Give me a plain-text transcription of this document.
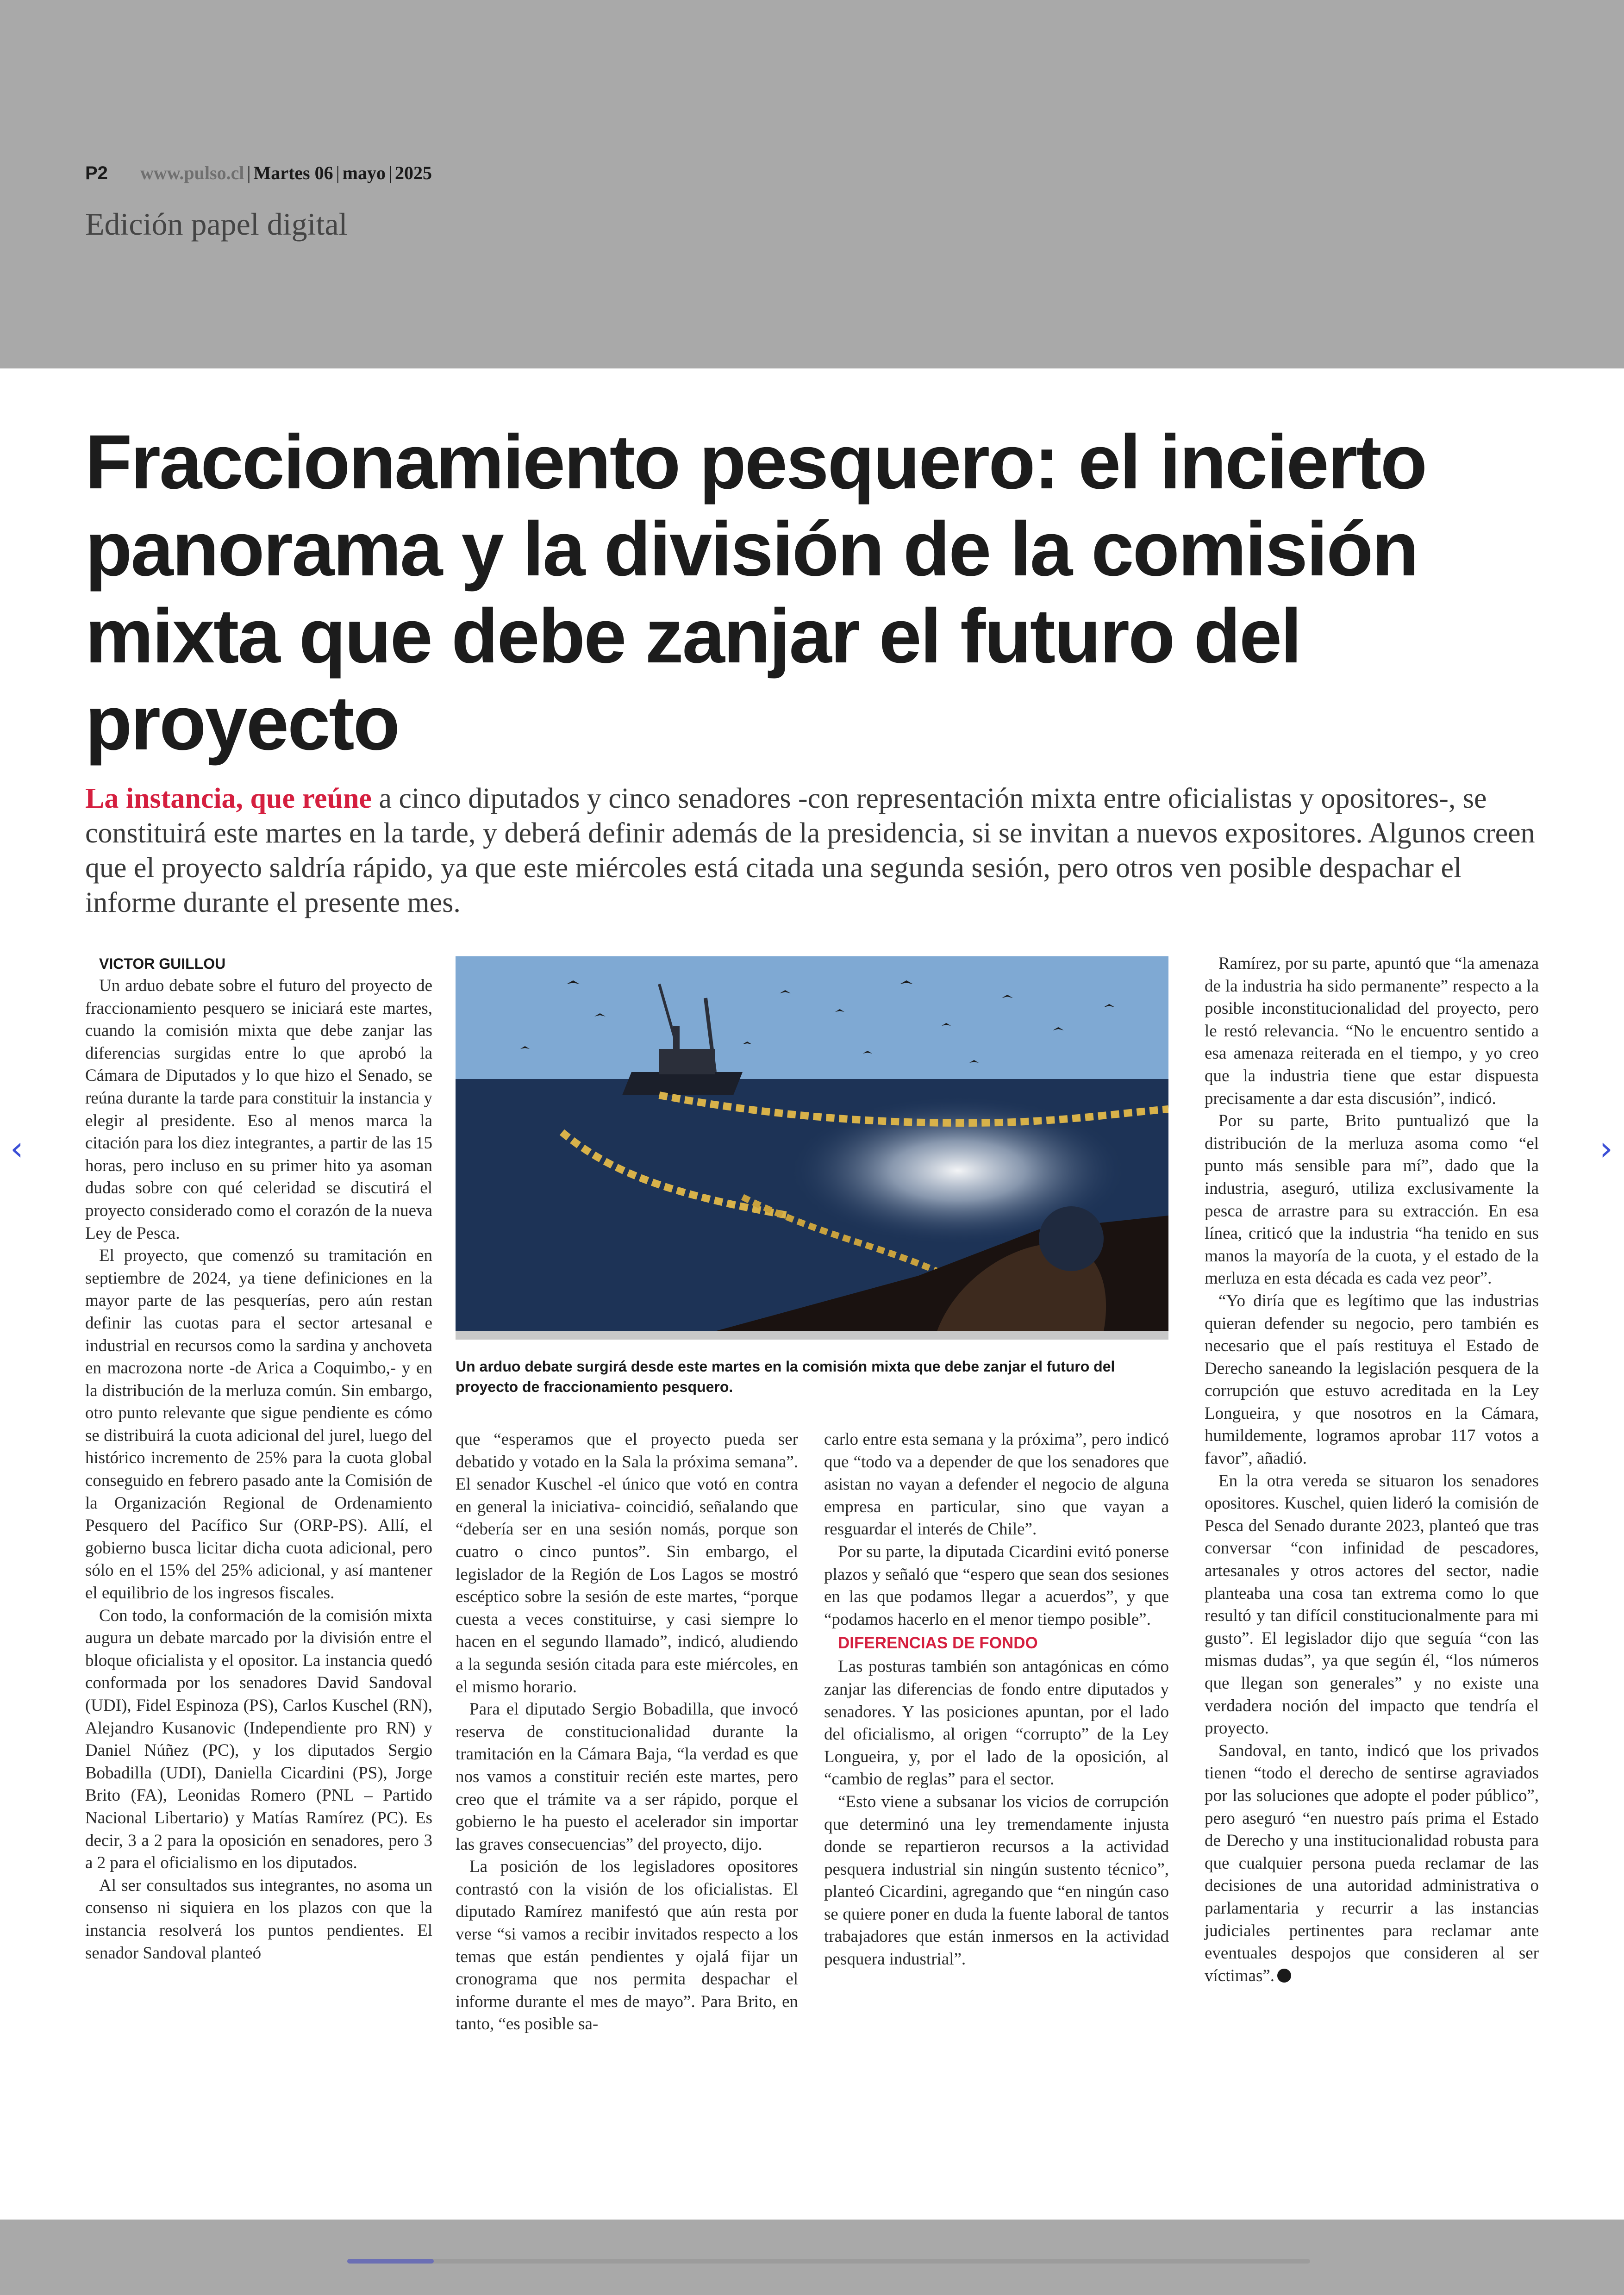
P2 www.pulso.cl | Martes 06 | mayo | 2025
Edición papel digital
Fraccionamiento pesquero: el incierto panorama y la división de la comisión mixta que debe zanjar el futuro del proyecto
La instancia, que reúne a cinco diputados y cinco senadores -con representación mixta entre oficialistas y opositores-, se constituirá este martes en la tarde, y deberá definir además de la presidencia, si se invitan a nuevos expositores. Algunos creen que el proyecto saldría rápido, ya que este miércoles está citada una segunda sesión, pero otros ven posible despachar el informe durante el presente mes.
‹	›

VICTOR GUILLOU

Un arduo debate sobre el futuro del proyecto de fraccionamiento pesquero se iniciará este martes, cuando la comisión mixta que debe zanjar las diferencias surgidas entre lo que aprobó la Cámara de Diputados y lo que hizo el Senado, se reúna durante la tarde para constituir la instancia y elegir al presidente. Eso al menos marca la citación para los diez integrantes, a partir de las 15 horas, pero incluso en su primer hito ya asoman dudas sobre con qué celeridad se discutirá el proyecto considerado como el corazón de la nueva Ley de Pesca.

El proyecto, que comenzó su tramitación en septiembre de 2024, ya tiene definiciones en la mayor parte de las pesquerías, pero aún restan definir las cuotas para el sector artesanal e industrial en recursos como la sardina y anchoveta en macrozona norte -de Arica a Coquimbo,- y en la distribución de la merluza común. Sin embargo, otro punto relevante que sigue pendiente es cómo se distribuirá la cuota adicional del jurel, luego del histórico incremento de 25% para la cuota global conseguido en febrero pasado ante la Comisión de la Organización Regional de Ordenamiento Pesquero del Pacífico Sur (ORP-PS). Allí, el gobierno busca licitar dicha cuota adicional, pero sólo en el 15% del 25% adicional, y así mantener el equilibrio de los ingresos fiscales.

Con todo, la conformación de la comisión mixta augura un debate marcado por la división entre el bloque oficialista y el opositor. La instancia quedó conformada por los senadores David Sandoval (UDI), Fidel Espinoza (PS), Carlos Kuschel (RN), Alejandro Kusanovic (Independiente pro RN) y Daniel Núñez (PC), y los diputados Sergio Bobadilla (UDI), Daniella Cicardini (PS), Jorge Brito (FA), Leonidas Romero (PNL – Partido Nacional Libertario) y Matías Ramírez (PC). Es decir, 3 a 2 para la oposición en senadores, pero 3 a 2 para el oficialismo en los diputados.

Al ser consultados sus integrantes, no asoma un consenso ni siquiera en los plazos con que la instancia resolverá los puntos pendientes. El senador Sandoval planteó

Un arduo debate surgirá desde este martes en la comisión mixta que debe zanjar el futuro del proyecto de fraccionamiento pesquero.

que “esperamos que el proyecto pueda ser debatido y votado en la Sala la próxima semana”. El senador Kuschel -el único que votó en contra en general la iniciativa- coincidió, señalando que “debería ser en una sesión nomás, porque son cuatro o cinco puntos”. Sin embargo, el legislador de la Región de Los Lagos se mostró escéptico sobre la sesión de este martes, “porque cuesta a veces constituirse, y casi siempre lo hacen en el segundo llamado”, indicó, aludiendo a la segunda sesión citada para este miércoles, en el mismo horario.

Para el diputado Sergio Bobadilla, que invocó reserva de constitucionalidad durante la tramitación en la Cámara Baja, “la verdad es que nos vamos a constituir recién este martes, pero creo que el trámite va a ser rápido, porque el gobierno le ha puesto el acelerador sin importar las graves consecuencias” del proyecto, dijo.

La posición de los legisladores opositores contrastó con la visión de los oficialistas. El diputado Ramírez manifestó que aún resta por verse “si vamos a recibir invitados respecto a los temas que están pendientes y ojalá fijar un cronograma que nos permita despachar el informe durante el mes de mayo”. Para Brito, en tanto, “es posible sa-

carlo entre esta semana y la próxima”, pero indicó que “todo va a depender de que los senadores que asistan no vayan a defender el negocio de alguna empresa en particular, sino que vayan a resguardar el interés de Chile”.

Por su parte, la diputada Cicardini evitó ponerse plazos y señaló que “espero que sean dos sesiones en las que podamos llegar a acuerdos”, y que “podamos hacerlo en el menor tiempo posible”.

DIFERENCIAS DE FONDO

Las posturas también son antagónicas en cómo zanjar las diferencias de fondo entre diputados y senadores. Y las posiciones apuntan, por el lado del oficialismo, al origen “corrupto” de la Ley Longueira, y, por el lado de la oposición, al “cambio de reglas” para el sector.

“Esto viene a subsanar los vicios de corrupción que determinó una ley tremendamente injusta donde se repartieron recursos a la actividad pesquera industrial sin ningún sustento técnico”, planteó Cicardini, agregando que “en ningún caso se quiere poner en duda la fuente laboral de tantos trabajadores que están inmersos en la actividad pesquera industrial”.

Ramírez, por su parte, apuntó que “la amenaza de la industria ha sido permanente” respecto a la posible inconstitucionalidad del proyecto, pero le restó relevancia. “No le encuentro sentido a esa amenaza reiterada en el tiempo, y yo creo que la industria tiene que estar dispuesta precisamente a dar esta discusión”, indicó.

Por su parte, Brito puntualizó que la distribución de la merluza asoma como “el punto más sensible para mí”, dado que la industria, aseguró, utiliza exclusivamente la pesca de arrastre para su extracción. En esa línea, criticó que la industria “ha tenido en sus manos la mayoría de la cuota, y el estado de la merluza en esta década es cada vez peor”.

“Yo diría que es legítimo que las industrias quieran defender su negocio, pero también es necesario que el país restituya el Estado de Derecho saneando la legislación pesquera de la corrupción que estuvo acreditada en la Ley Longueira, y que nosotros en la Cámara, humildemente, logramos aprobar 117 votos a favor”, añadió.

En la otra vereda se situaron los senadores opositores. Kuschel, quien lideró la comisión de Pesca del Senado durante 2023, planteó que tras conversar “con infinidad de pescadores, artesanales y otros actores del sector, nadie planteaba una cosa tan extrema como lo que resultó y tan difícil constitucionalmente para mi gusto”. El legislador dijo que seguía “con las mismas dudas”, ya que según él, “los números que llegan son generales” y no existe una verdadera noción del impacto que tendría el proyecto.

Sandoval, en tanto, indicó que los privados tienen “todo el derecho de sentirse agraviados por las soluciones que adopte el poder público”, pero aseguró “en nuestro país prima el Estado de Derecho y una institucionalidad robusta para que cualquier persona pueda reclamar de las decisiones de una autoridad administrativa o parlamentaria y recurrir a las instancias judiciales pertinentes para reclamar ante eventuales despojos que consideren al ser víctimas”.
